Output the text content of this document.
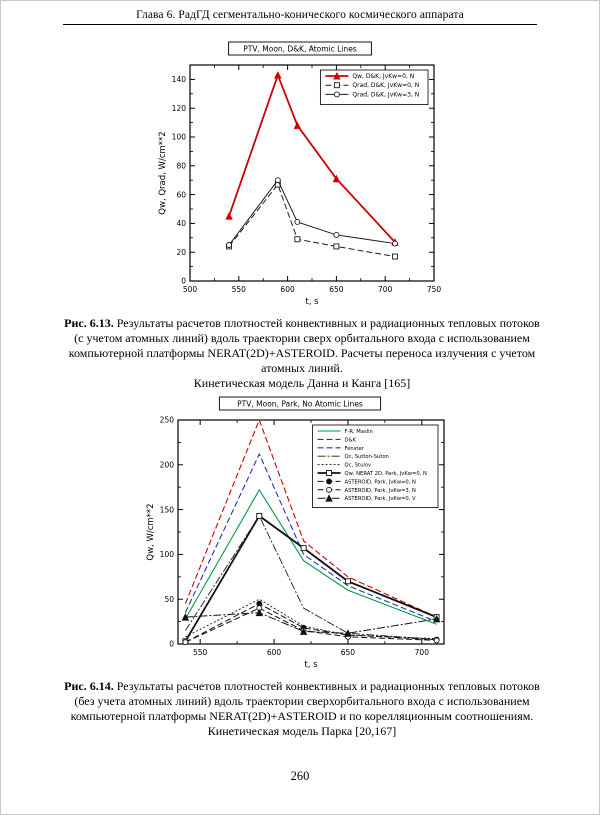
Глава 6. РадГД сегментально-конического космического аппарата
PTV, Moon, D&K, Atomic Lines
500	550	600	650	700	750
0
20
40
60
80
100
120
140
t, s
Qw, Qrad, W/cm**2
Qw, D&K, JvKw=0, N
Qrad, D&K, JvKw=0, N
Qrad, D&K, JvKw=3, N
Рис. 6.13. Результаты расчетов плотностей конвективных и радиационных тепловых потоков (с учетом атомных линий) вдоль траектории сверх орбитального входа с использованием компьютерной платформы NERAT(2D)+ASTEROID. Расчеты переноса излучения с учетом атомных линий.
Кинетическая модель Данна и Канга [165]
PTV, Moon, Park, No Atomic Lines
550	600	650	700
0
50
100
150
200
250
t, s
Qw, W/cm**2
F-R, Maslin
D&K
Fenster
Qc, Sutton-Suton
Qc, Stulov
Qw, NERAT 2D, Park, JvKw=0, N
ASTEROID, Park, JvKw=0, N
ASTEROID, Park, JvKw=3, N
ASTEROID, Park, JvKw=0, V
Рис. 6.14. Результаты расчетов плотностей конвективных и радиационных тепловых потоков (без учета атомных линий) вдоль траектории сверхорбитального входа с использованием компьютерной платформы NERAT(2D)+ASTEROID и по корелляционным соотношениям. Кинетическая модель Парка [20,167]
260
